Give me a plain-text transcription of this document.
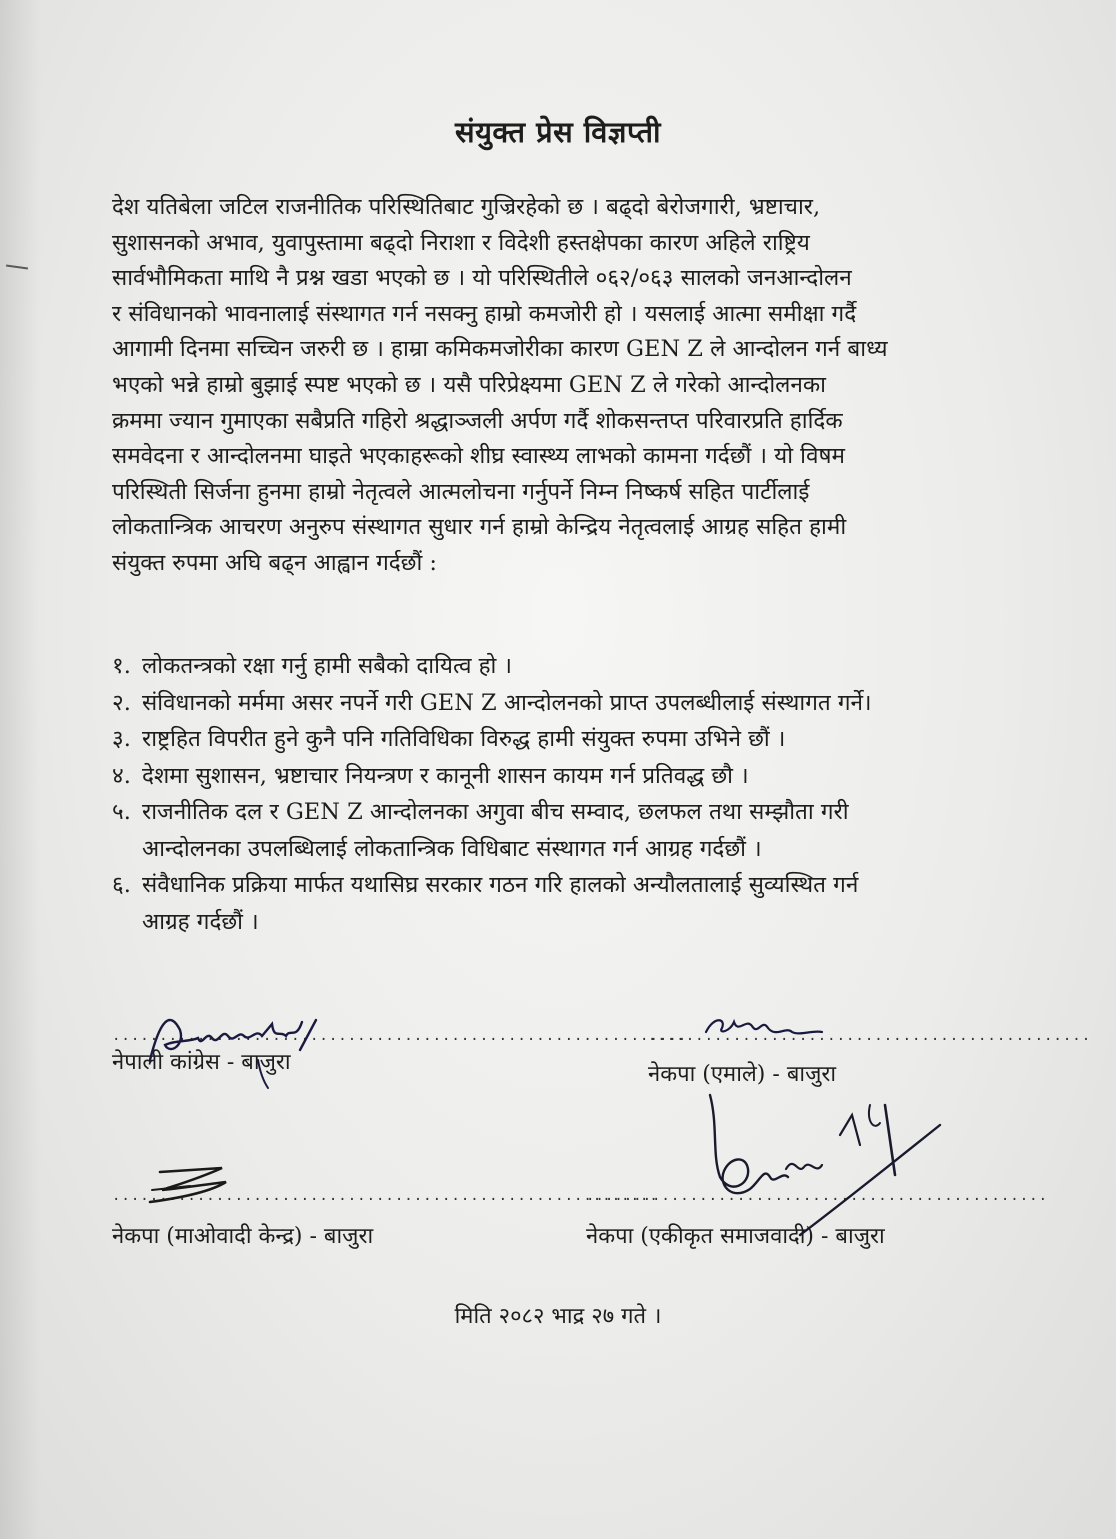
संयुक्त प्रेस विज्ञप्ती
देश यतिबेला जटिल राजनीतिक परिस्थितिबाट गुज्रिरहेको छ । बढ्दो बेरोजगारी, भ्रष्टाचार,
सुशासनको अभाव, युवापुस्तामा बढ्दो निराशा र विदेशी हस्तक्षेपका कारण अहिले राष्ट्रिय
सार्वभौमिकता माथि नै प्रश्न खडा भएको छ । यो परिस्थितीले ०६२/०६३ सालको जनआन्दोलन
र संविधानको भावनालाई संस्थागत गर्न नसक्नु हाम्रो कमजोरी हो । यसलाई आत्मा समीक्षा गर्दै
आगामी दिनमा सच्चिन जरुरी छ । हाम्रा कमिकमजोरीका कारण GEN Z ले आन्दोलन गर्न बाध्य
भएको भन्ने हाम्रो बुझाई स्पष्ट भएको छ । यसै परिप्रेक्ष्यमा GEN Z ले गरेको आन्दोलनका
क्रममा ज्यान गुमाएका सबैप्रति गहिरो श्रद्धाञ्जली अर्पण गर्दै शोकसन्तप्त परिवारप्रति हार्दिक
समवेदना र आन्दोलनमा घाइते भएकाहरूको शीघ्र स्वास्थ्य लाभको कामना गर्दछौं । यो विषम
परिस्थिती सिर्जना हुनमा हाम्रो नेतृत्वले आत्मलोचना गर्नुपर्ने निम्न निष्कर्ष सहित पार्टीलाई
लोकतान्त्रिक आचरण अनुरुप संस्थागत सुधार गर्न हाम्रो केन्द्रिय नेतृत्वलाई आग्रह सहित हामी
संयुक्त रुपमा अघि बढ्न आह्वान गर्दछौं :
१. लोकतन्त्रको रक्षा गर्नु हामी सबैको दायित्व हो ।
२. संविधानको मर्ममा असर नपर्ने गरी GEN Z आन्दोलनको प्राप्त उपलब्धीलाई संस्थागत गर्ने।
३. राष्ट्रहित विपरीत हुने कुनै पनि गतिविधिका विरुद्ध हामी संयुक्त रुपमा उभिने छौं ।
४. देशमा सुशासन, भ्रष्टाचार नियन्त्रण र कानूनी शासन कायम गर्न प्रतिवद्ध छौ ।
५. राजनीतिक दल र GEN Z आन्दोलनका अगुवा बीच सम्वाद, छलफल तथा सम्झौता गरी
आन्दोलनका उपलब्धिलाई लोकतान्त्रिक विधिबाट संस्थागत गर्न आग्रह गर्दछौं ।
६. संवैधानिक प्रक्रिया मार्फत यथासिघ्र सरकार गठन गरि हालको अन्यौलतालाई सुव्यस्थित गर्न
आग्रह गर्दछौं ।
.............................................................
नेपाली कांग्रेस - बाजुरा
...............................................
नेकपा (एमाले) - बाजुरा
..........................................................
नेकपा (माओवादी केन्द्र) - बाजुरा
.................................................
नेकपा (एकीकृत समाजवादी) - बाजुरा
मिति २०८२ भाद्र २७ गते ।
